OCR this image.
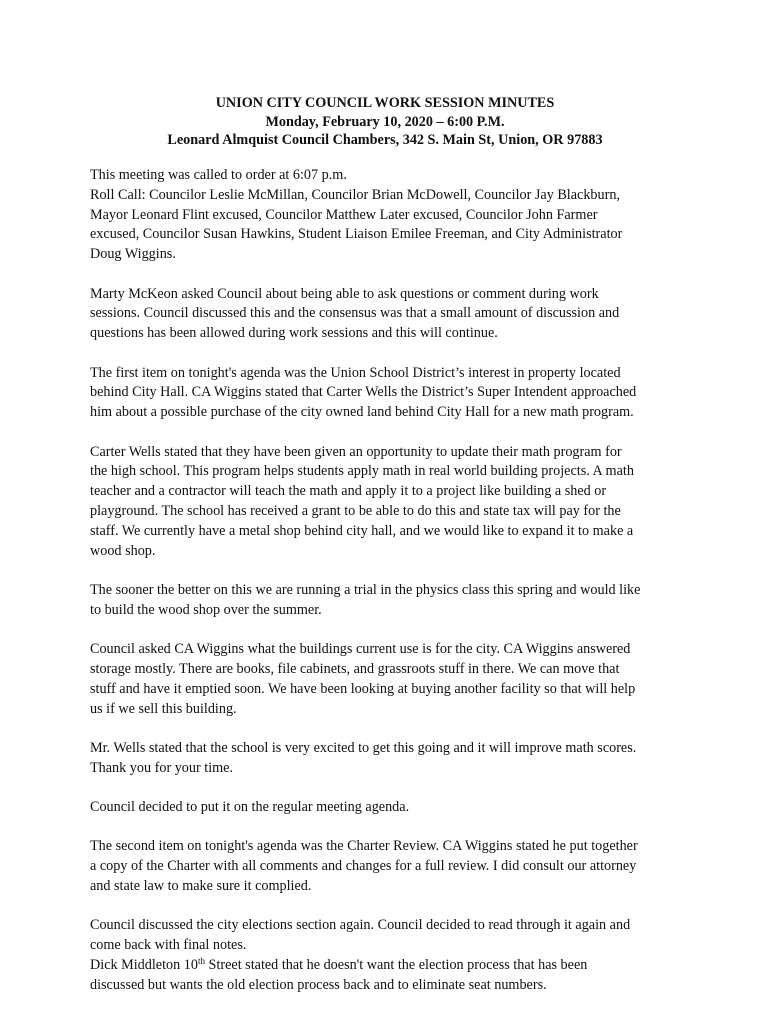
UNION CITY COUNCIL WORK SESSION MINUTES
Monday, February 10, 2020 – 6:00 P.M.
Leonard Almquist Council Chambers, 342 S. Main St, Union, OR 97883

This meeting was called to order at 6:07 p.m.
Roll Call: Councilor Leslie McMillan, Councilor Brian McDowell, Councilor Jay Blackburn,
Mayor Leonard Flint excused, Councilor Matthew Later excused, Councilor John Farmer
excused, Councilor Susan Hawkins, Student Liaison Emilee Freeman, and City Administrator
Doug Wiggins.

Marty McKeon asked Council about being able to ask questions or comment during work
sessions. Council discussed this and the consensus was that a small amount of discussion and
questions has been allowed during work sessions and this will continue.

The first item on tonight's agenda was the Union School District’s interest in property located
behind City Hall. CA Wiggins stated that Carter Wells the District’s Super Intendent approached
him about a possible purchase of the city owned land behind City Hall for a new math program.

Carter Wells stated that they have been given an opportunity to update their math program for
the high school. This program helps students apply math in real world building projects. A math
teacher and a contractor will teach the math and apply it to a project like building a shed or
playground. The school has received a grant to be able to do this and state tax will pay for the
staff. We currently have a metal shop behind city hall, and we would like to expand it to make a
wood shop.

The sooner the better on this we are running a trial in the physics class this spring and would like
to build the wood shop over the summer.

Council asked CA Wiggins what the buildings current use is for the city. CA Wiggins answered
storage mostly. There are books, file cabinets, and grassroots stuff in there. We can move that
stuff and have it emptied soon. We have been looking at buying another facility so that will help
us if we sell this building.

Mr. Wells stated that the school is very excited to get this going and it will improve math scores.
Thank you for your time.

Council decided to put it on the regular meeting agenda.

The second item on tonight's agenda was the Charter Review. CA Wiggins stated he put together
a copy of the Charter with all comments and changes for a full review. I did consult our attorney
and state law to make sure it complied.

Council discussed the city elections section again. Council decided to read through it again and
come back with final notes.
Dick Middleton 10th Street stated that he doesn't want the election process that has been
discussed but wants the old election process back and to eliminate seat numbers.
